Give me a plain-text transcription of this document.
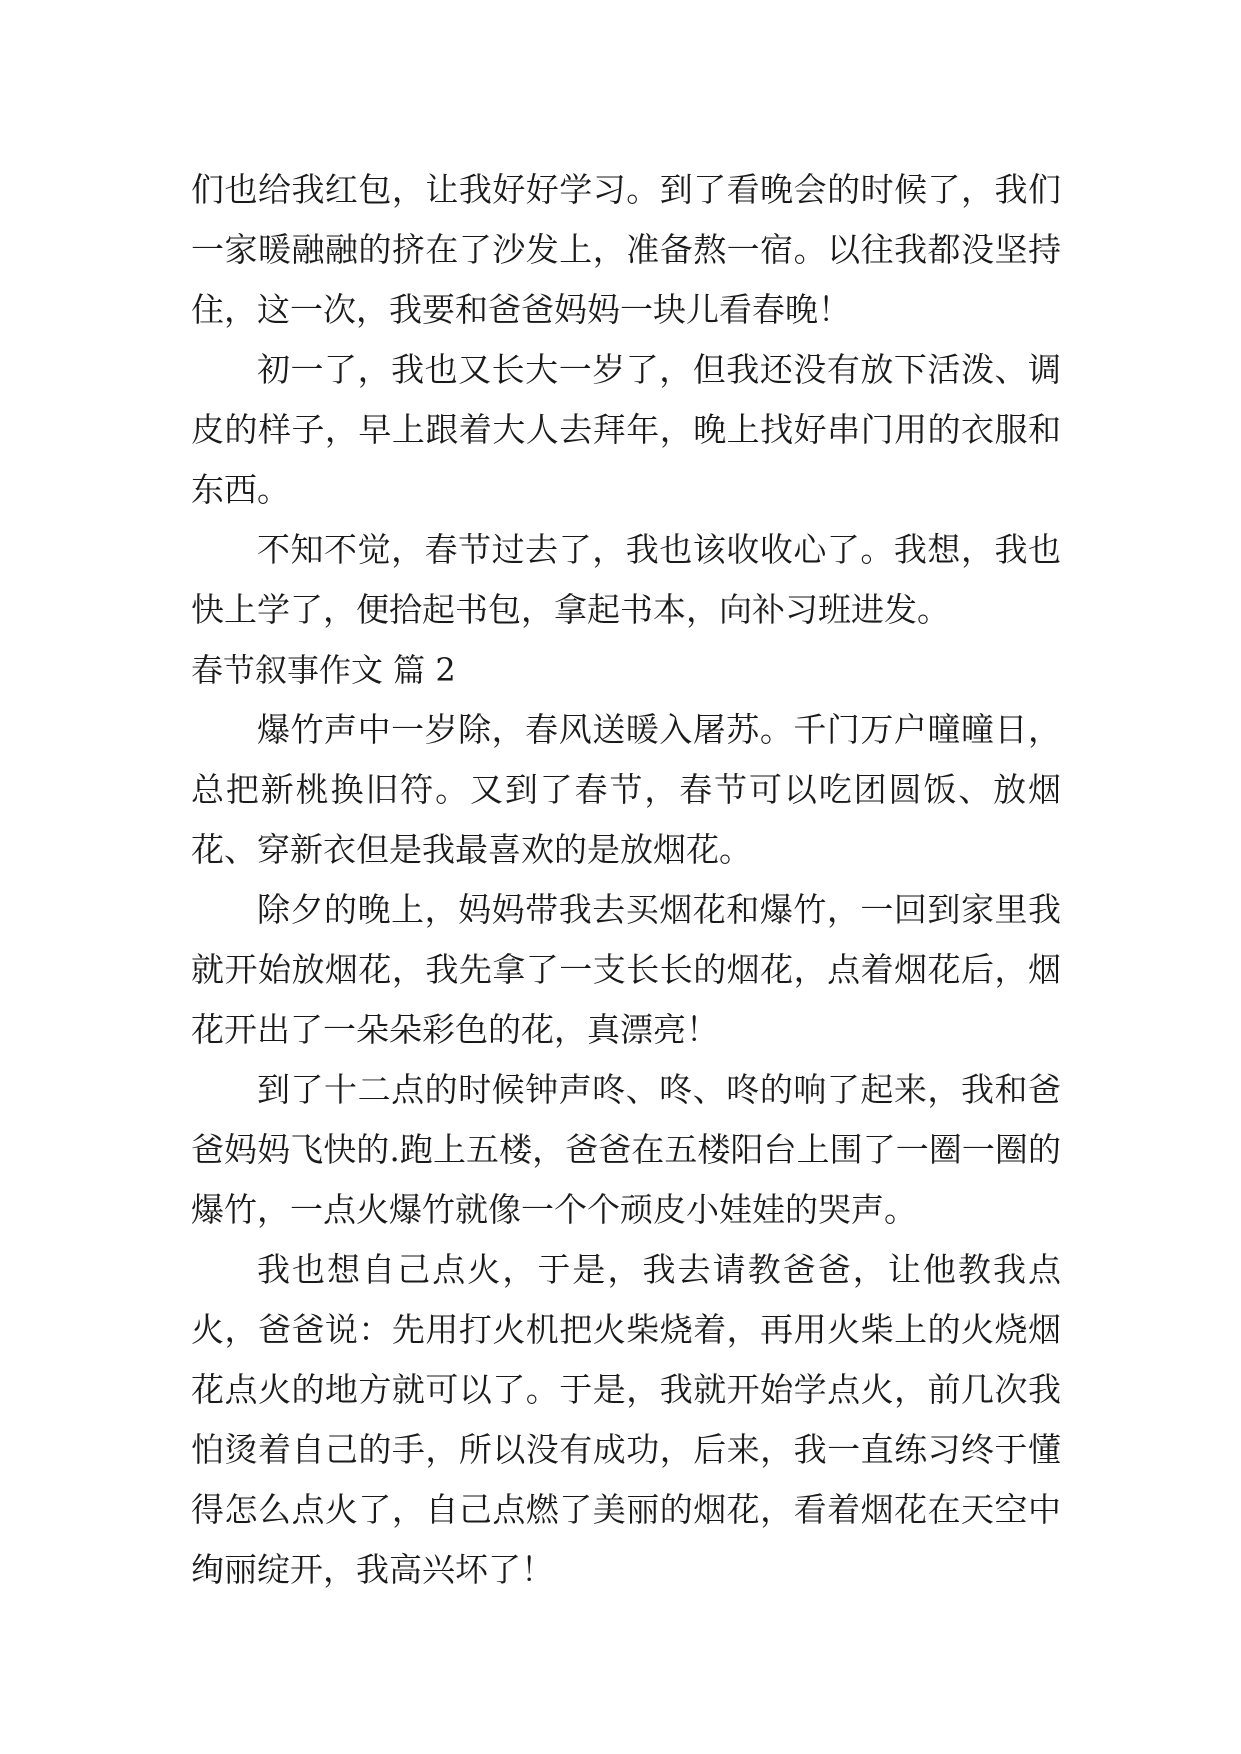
们也给我红包，让我好好学习。到了看晚会的时候了，我们一家暖融融的挤在了沙发上，准备熬一宿。以往我都没坚持住，这一次，我要和爸爸妈妈一块儿看春晚！

初一了，我也又长大一岁了，但我还没有放下活泼、调皮的样子，早上跟着大人去拜年，晚上找好串门用的衣服和东西。

不知不觉，春节过去了，我也该收收心了。我想，我也快上学了，便拾起书包，拿起书本，向补习班进发。

春节叙事作文 篇 2

爆竹声中一岁除，春风送暖入屠苏。千门万户曈曈日，总把新桃换旧符。又到了春节，春节可以吃团圆饭、放烟花、穿新衣但是我最喜欢的是放烟花。

除夕的晚上，妈妈带我去买烟花和爆竹，一回到家里我就开始放烟花，我先拿了一支长长的烟花，点着烟花后，烟花开出了一朵朵彩色的花，真漂亮！

到了十二点的时候钟声咚、咚、咚的响了起来，我和爸爸妈妈飞快的.跑上五楼，爸爸在五楼阳台上围了一圈一圈的爆竹，一点火爆竹就像一个个顽皮小娃娃的哭声。

我也想自己点火，于是，我去请教爸爸，让他教我点火，爸爸说：先用打火机把火柴烧着，再用火柴上的火烧烟花点火的地方就可以了。于是，我就开始学点火，前几次我怕烫着自己的手，所以没有成功，后来，我一直练习终于懂得怎么点火了，自己点燃了美丽的烟花，看着烟花在天空中绚丽绽开，我高兴坏了！
